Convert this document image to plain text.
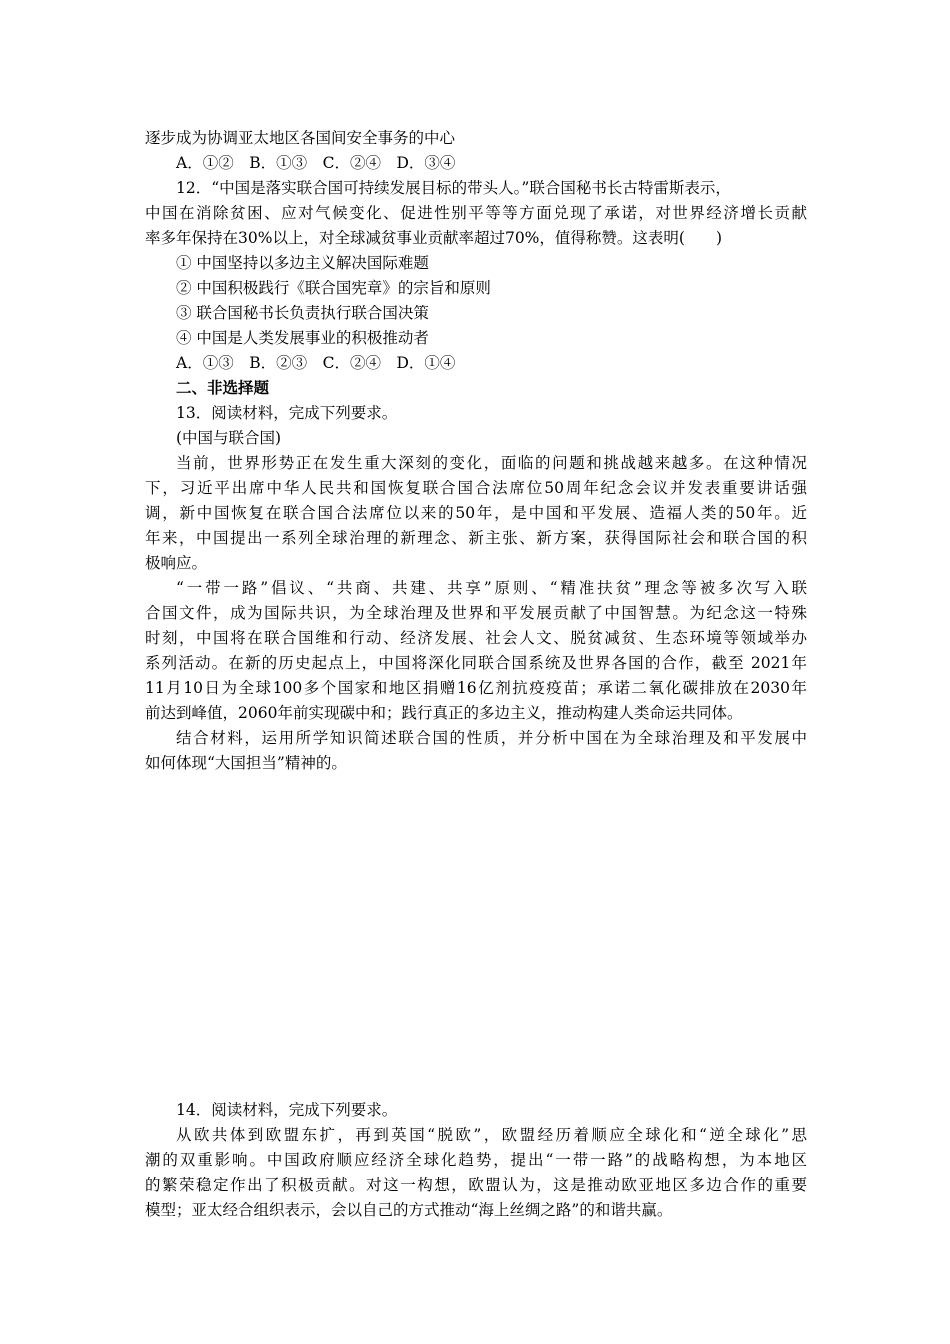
逐步成为协调亚太地区各国间安全事务的中心
A．①②　B．①③　C．②④　D．③④
12．“中国是落实联合国可持续发展目标的带头人。”联合国秘书长古特雷斯表示，
中国在消除贫困、应对气候变化、促进性别平等等方面兑现了承诺，对世界经济增长贡献
率多年保持在30%以上，对全球减贫事业贡献率超过70%，值得称赞。这表明(　　)
① 中国坚持以多边主义解决国际难题
② 中国积极践行《联合国宪章》的宗旨和原则
③ 联合国秘书长负责执行联合国决策
④ 中国是人类发展事业的积极推动者
A．①③　B．②③　C．②④　D．①④
二、非选择题
13．阅读材料，完成下列要求。
(中国与联合国)
当前，世界形势正在发生重大深刻的变化，面临的问题和挑战越来越多。在这种情况
下，习近平出席中华人民共和国恢复联合国合法席位50周年纪念会议并发表重要讲话强
调，新中国恢复在联合国合法席位以来的50年，是中国和平发展、造福人类的50年。近
年来，中国提出一系列全球治理的新理念、新主张、新方案，获得国际社会和联合国的积
极响应。
“一带一路”倡议、“共商、共建、共享”原则、“精准扶贫”理念等被多次写入联
合国文件，成为国际共识，为全球治理及世界和平发展贡献了中国智慧。为纪念这一特殊
时刻，中国将在联合国维和行动、经济发展、社会人文、脱贫减贫、生态环境等领域举办
系列活动。在新的历史起点上，中国将深化同联合国系统及世界各国的合作，截至 2021年
11月10日为全球100多个国家和地区捐赠16亿剂抗疫疫苗；承诺二氧化碳排放在2030年
前达到峰值，2060年前实现碳中和；践行真正的多边主义，推动构建人类命运共同体。
结合材料，运用所学知识简述联合国的性质，并分析中国在为全球治理及和平发展中
如何体现“大国担当”精神的。
14．阅读材料，完成下列要求。
从欧共体到欧盟东扩，再到英国“脱欧”，欧盟经历着顺应全球化和“逆全球化”思
潮的双重影响。中国政府顺应经济全球化趋势，提出“一带一路”的战略构想，为本地区
的繁荣稳定作出了积极贡献。对这一构想，欧盟认为，这是推动欧亚地区多边合作的重要
模型；亚太经合组织表示，会以自己的方式推动“海上丝绸之路”的和谐共赢。
